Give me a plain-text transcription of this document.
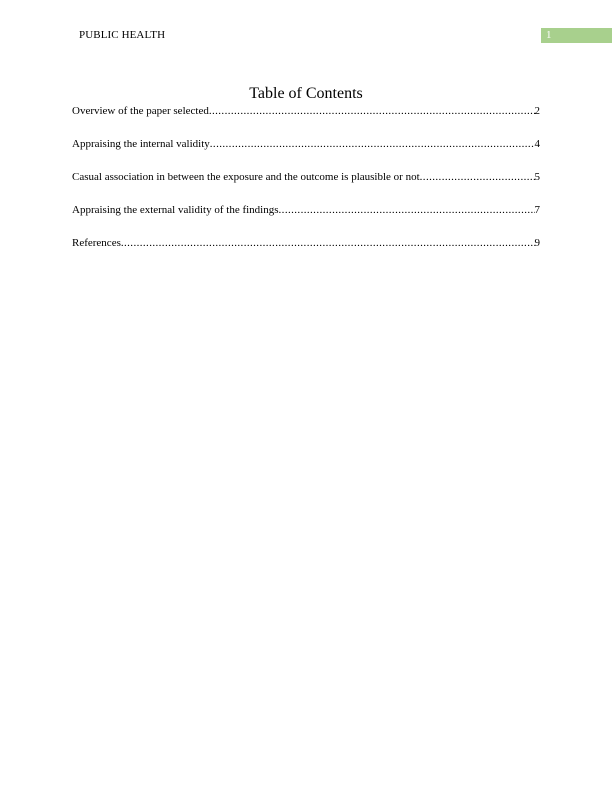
PUBLIC HEALTH	1
Table of Contents
Overview of the paper selected .....	2
Appraising the internal validity .....	4
Casual association in between the exposure and the outcome is plausible or not .....	5
Appraising the external validity of the findings .....	7
References .....	9
